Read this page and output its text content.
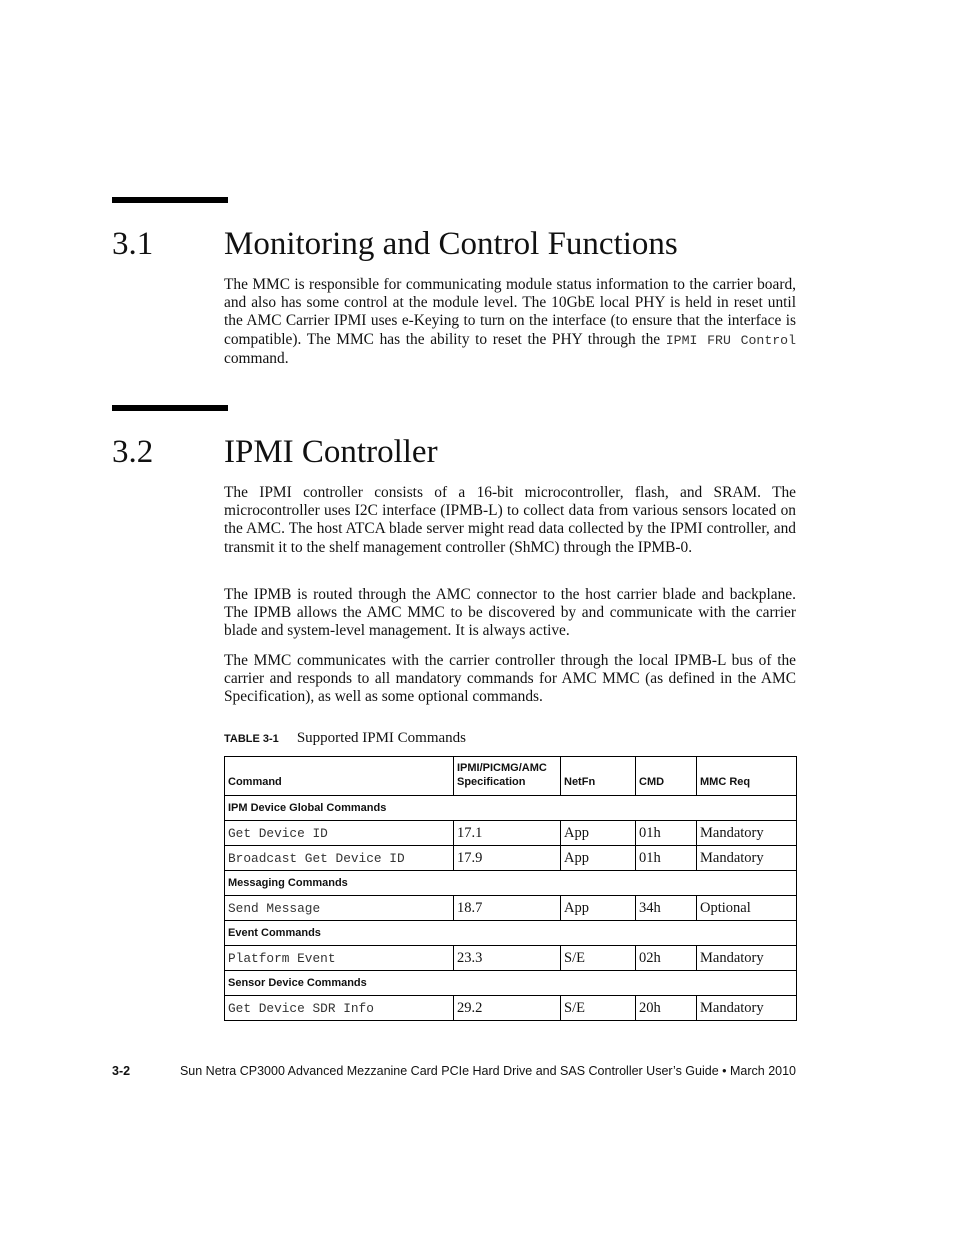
3.1 Monitoring and Control Functions

The MMC is responsible for communicating module status information to the carrier board, and also has some control at the module level. The 10GbE local PHY is held in reset until the AMC Carrier IPMI uses e-Keying to turn on the interface (to ensure that the interface is compatible). The MMC has the ability to reset the PHY through the IPMI FRU Control command.

3.2 IPMI Controller

The IPMI controller consists of a 16-bit microcontroller, flash, and SRAM. The microcontroller uses I2C interface (IPMB-L) to collect data from various sensors located on the AMC. The host ATCA blade server might read data collected by the IPMI controller, and transmit it to the shelf management controller (ShMC) through the IPMB-0.

The IPMB is routed through the AMC connector to the host carrier blade and backplane. The IPMB allows the AMC MMC to be discovered by and communicate with the carrier blade and system-level management. It is always active.

The MMC communicates with the carrier controller through the local IPMB-L bus of the carrier and responds to all mandatory commands for AMC MMC (as defined in the AMC Specification), as well as some optional commands.

TABLE 3-1 Supported IPMI Commands
Command	IPMI/PICMG/AMC Specification	NetFn	CMD	MMC Req
IPM Device Global Commands				
Get Device ID	17.1	App	01h	Mandatory
Broadcast Get Device ID	17.9	App	01h	Mandatory
Messaging Commands				
Send Message	18.7	App	34h	Optional
Event Commands				
Platform Event	23.3	S/E	02h	Mandatory
Sensor Device Commands				
Get Device SDR Info	29.2	S/E	20h	Mandatory
3-2	Sun Netra CP3000 Advanced Mezzanine Card PCIe Hard Drive and SAS Controller User’s Guide • March 2010
